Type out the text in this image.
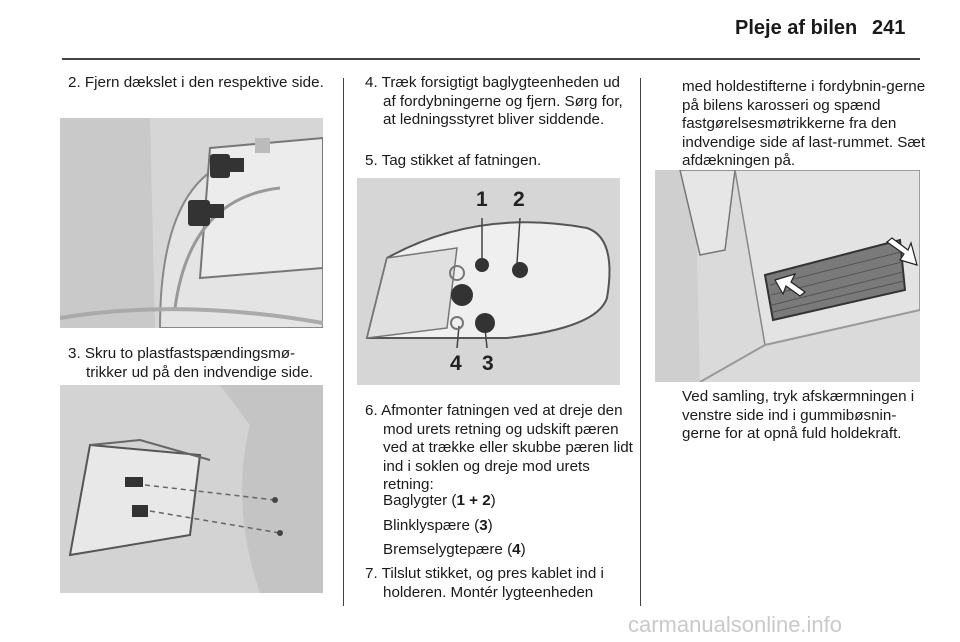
Pleje af bilen 241

2. Fjern dækslet i den respektive side.

3. Skru to plastfastspændingsmø-trikker ud på den indvendige side.

4. Træk forsigtigt baglygteenheden ud af fordybningerne og fjern. Sørg for, at ledningsstyret bliver siddende.

5. Tag stikket af fatningen.

1 2
3
4

6. Afmonter fatningen ved at dreje den mod urets retning og udskift pæren ved at trække eller skubbe pæren lidt ind i soklen og dreje mod urets retning:

Baglygter (1 + 2)
Blinklyspære (3)
Bremselygtepære (4)

7. Tilslut stikket, og pres kablet ind i holderen. Montér lygteenheden

med holdestifterne i fordybnin-gerne på bilens karosseri og spænd fastgørelsesmøtrikkerne fra den indvendige side af last-rummet. Sæt afdækningen på.

Ved samling, tryk afskærmningen i venstre side ind i gummibøsnin-gerne for at opnå fuld holdekraft.

carmanualsonline.info
